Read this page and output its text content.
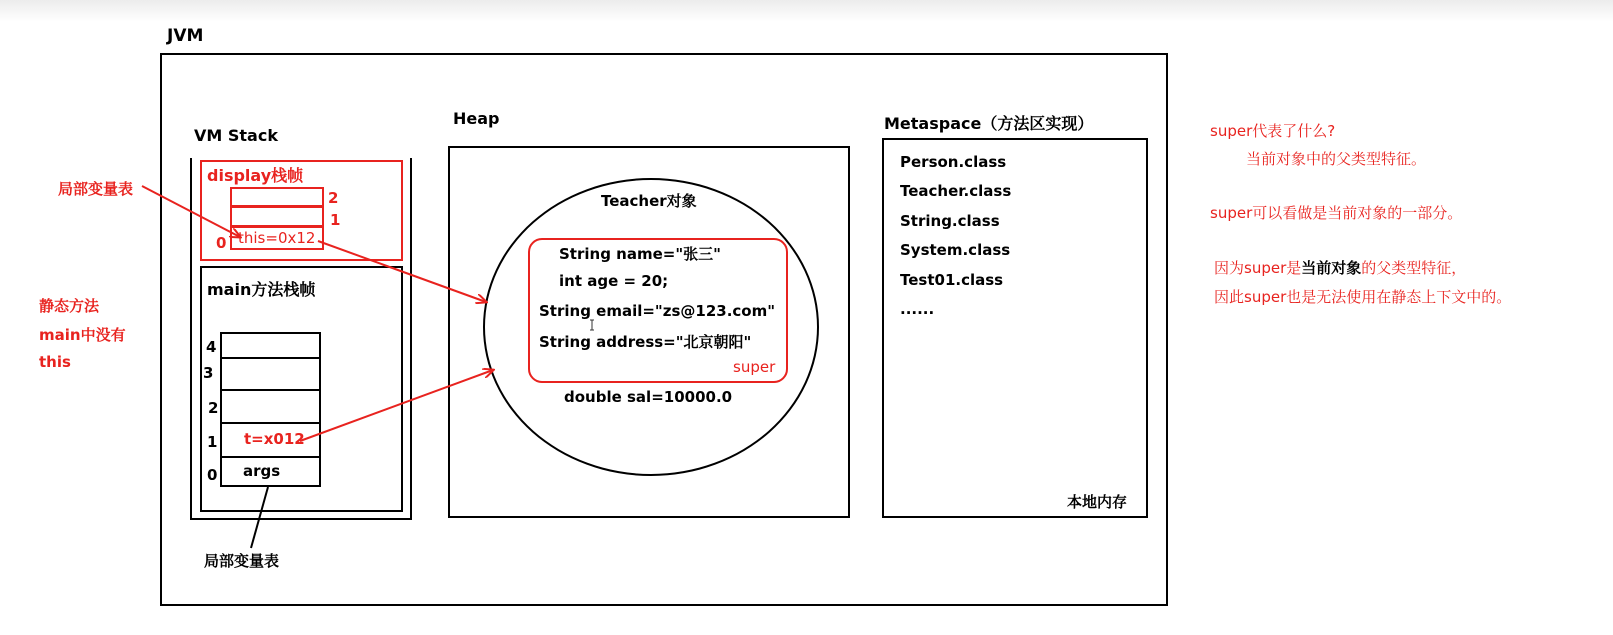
JVM
VM Stack
display栈帧
this=0x12
2
1
0
main方法栈帧
t=x012
args
4
3
2
1
0
局部变量表
局部变量表
静态方法
main中没有
this
Heap
Teacher对象
String name="张三"
int age = 20;
String email="zs@123.com"
String address="北京朝阳"
super
double sal=10000.0
Metaspace（方法区实现）
Person.class
Teacher.class
String.class
System.class
Test01.class
......
本地内存
super代表了什么?
当前对象中的父类型特征。
super可以看做是当前对象的一部分。
因为super是当前对象的父类型特征，
因此super也是无法使用在静态上下文中的。
